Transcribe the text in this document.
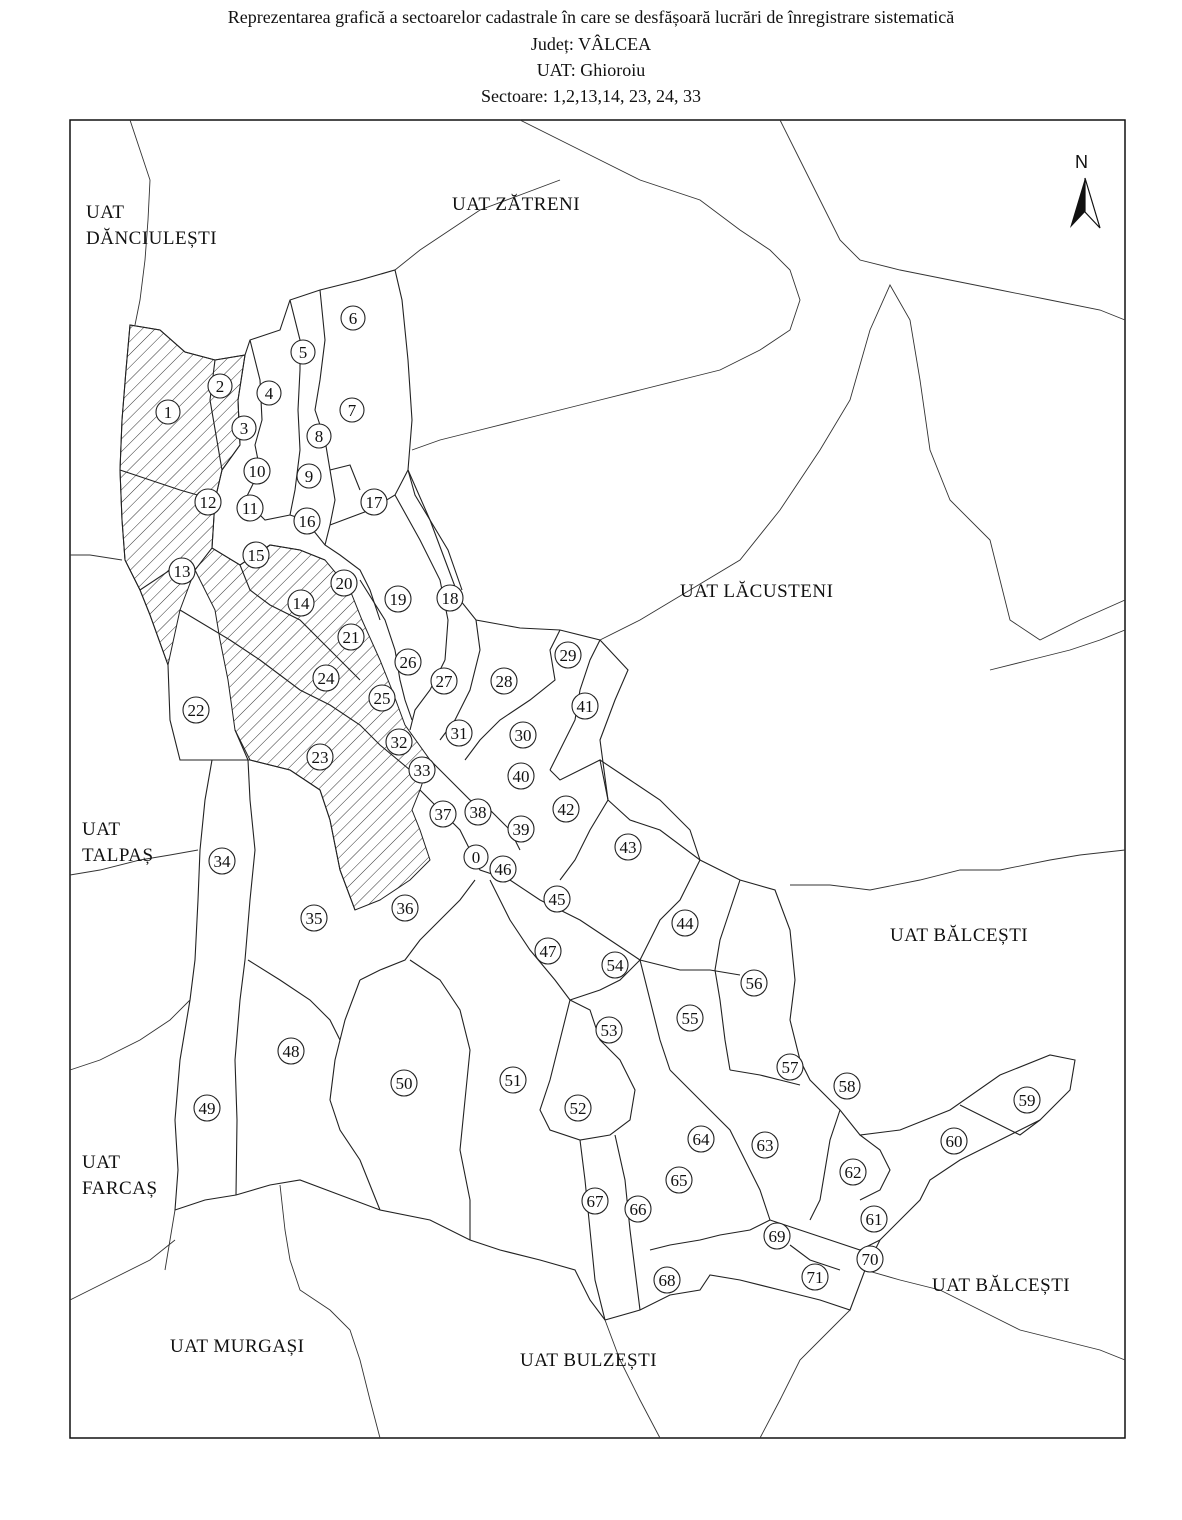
Reprezentarea grafică a sectoarelor cadastrale în care se desfășoară lucrări de înregistrare sistematică
Județ: VÂLCEA
UAT: Ghioroiu
Sectoare: 1,2,13,14, 23, 24, 33
0
1
2
3
4
5
6
7
8
9
10
11
12
13
14
15
16
17
18
19
20
21
22
23
24
25
26
27	28
29
30
31
32
33
34
35
36
37 38
39
40
41
42
43
44
45
46
47
48
49
50	51
52
53
54
55
56
57
58
59
60
61
62
63
64
65
66
67
68
69
70
71
UAT ZĂTRENI
UAT
DĂNCIULEȘTI
UAT LĂCUSTENI
UAT
TALPAȘ
UAT BĂLCEȘTI
UAT
FARCAȘ
UAT BĂLCEȘTI
UAT MURGAȘI
UAT BULZEȘTI
N
